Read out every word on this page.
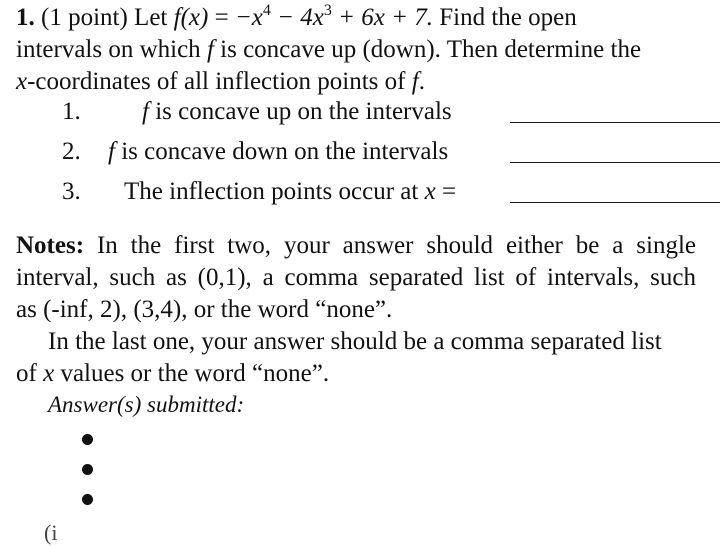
1. (1 point) Let $f(x) = -x^4 - 4x^3 + 6x + 7$. Find the open
intervals on which f is concave up (down). Then determine the
x-coordinates of all inflection points of f.
1. f is concave up on the intervals
2. f is concave down on the intervals
3. The inflection points occur at x =

Notes: In the first two, your answer should either be a single

interval, such as (0,1), a comma separated list of intervals, such

as (-inf, 2), (3,4), or the word “none”.

In the last one, your answer should be a comma separated list

of x values or the word “none”.

Answer(s) submitted:
(i
